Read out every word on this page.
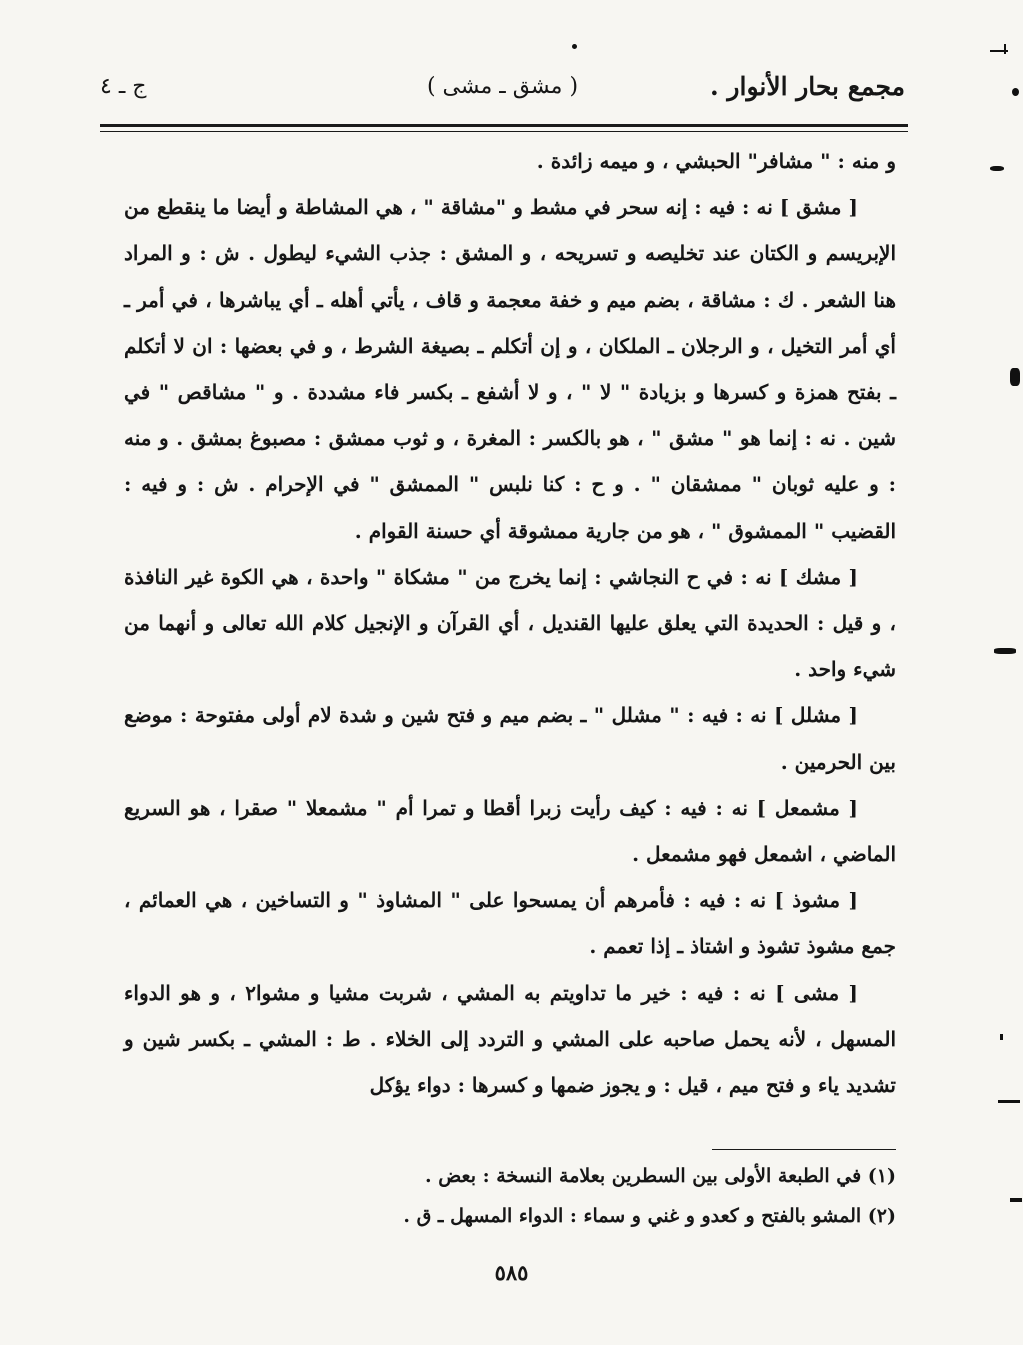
مجمع بحار الأنوار .
( مشق ـ مشى )
ج ـ ٤

و منه : " مشافر" الحبشي ، و ميمه زائدة .

[ مشق ] نه : فيه : إنه سحر في مشط و "مشاقة " ، هي المشاطة و أيضا ما ينقطع من الإبريسم و الكتان عند تخليصه و تسريحه ، و المشق : جذب الشيء ليطول . ش : و المراد هنا الشعر . ك : مشاقة ، بضم ميم و خفة معجمة و قاف ، يأتي أهله ـ أي يباشرها ، في أمر ـ أي أمر التخيل ، و الرجلان ـ الملكان ، و إن أتكلم ـ بصيغة الشرط ، و في بعضها : ان لا أتكلم ـ بفتح همزة و كسرها و بزيادة " لا " ، و لا أشفع ـ بكسر فاء مشددة . و " مشاقص " في شين . نه : إنما هو " مشق " ، هو بالكسر : المغرة ، و ثوب ممشق : مصبوغ بمشق . و منه : و عليه ثوبان " ممشقان " . و ح : كنا نلبس " الممشق " في الإحرام . ش : و فيه : القضيب " الممشوق " ، هو من جارية ممشوقة أي حسنة القوام .

[ مشك ] نه : في ح النجاشي : إنما يخرج من " مشكاة " واحدة ، هي الكوة غير النافذة ، و قيل : الحديدة التي يعلق عليها القنديل ، أي القرآن و الإنجيل كلام الله تعالى و أنهما من شيء واحد .

[ مشلل ] نه : فيه : " مشلل " ـ بضم ميم و فتح شين و شدة لام أولى مفتوحة : موضع بين الحرمين .

[ مشمعل ] نه : فيه : كيف رأيت زبرا أقطا و تمرا أم " مشمعلا " صقرا ، هو السريع الماضي ، اشمعل فهو مشمعل .

[ مشوذ ] نه : فيه : فأمرهم أن يمسحوا على " المشاوذ " و التساخين ، هي العمائم ، جمع مشوذ تشوذ و اشتاذ ـ إذا تعمم .

[ مشى ] نه : فيه : خير ما تداويتم به المشي ، شربت مشيا و مشوا٢ ، و هو الدواء المسهل ، لأنه يحمل صاحبه على المشي و التردد إلى الخلاء . ط : المشي ـ بكسر شين و تشديد ياء و فتح ميم ، قيل : و يجوز ضمها و كسرها : دواء يؤكل

(١) في الطبعة الأولى بين السطرين بعلامة النسخة : بعض .

(٢) المشو بالفتح و كعدو و غني و سماء : الدواء المسهل ـ ق .

٥٨٥
